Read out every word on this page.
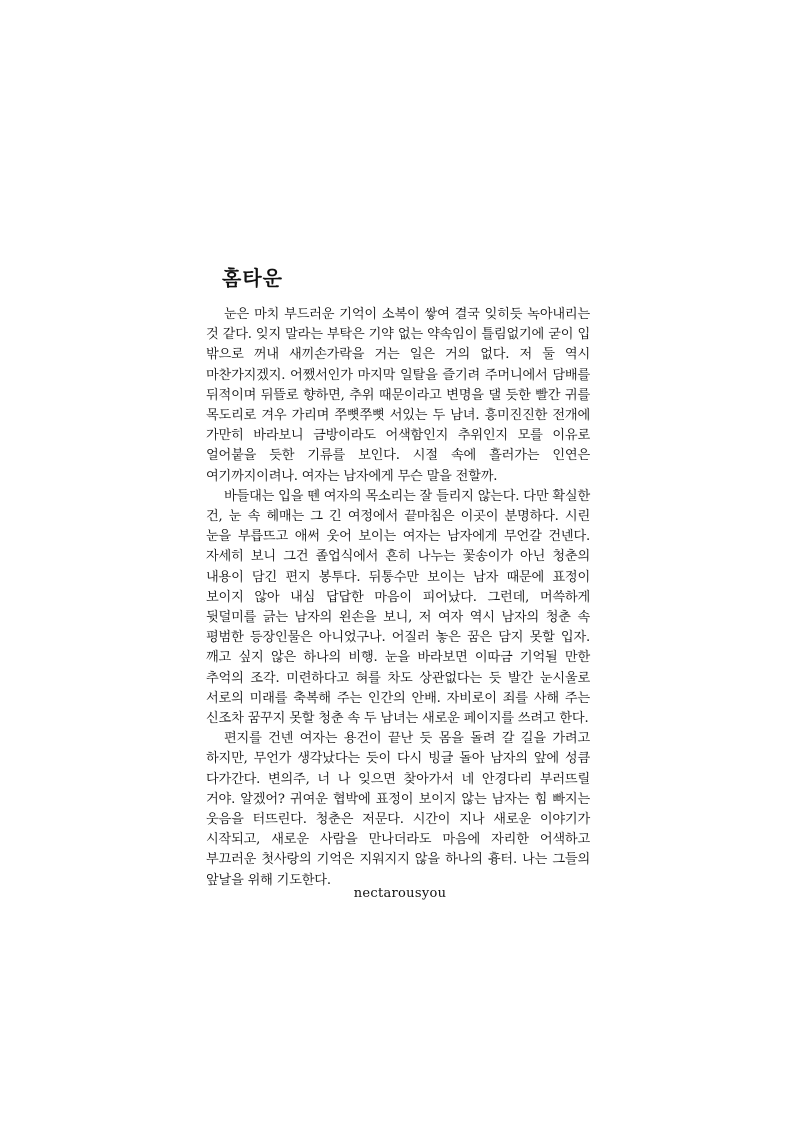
홈타운

눈은 마치 부드러운 기억이 소복이 쌓여 결국 잊히듯 녹아내리는 것 같다. 잊지 말라는 부탁은 기약 없는 약속임이 틀림없기에 굳이 입 밖으로 꺼내 새끼손가락을 거는 일은 거의 없다. 저 둘 역시 마찬가지겠지. 어쨌서인가 마지막 일탈을 즐기려 주머니에서 담배를 뒤적이며 뒤뜰로 향하면, 추위 때문이라고 변명을 댈 듯한 빨간 귀를 목도리로 겨우 가리며 쭈뼛쭈뼛 서있는 두 남녀. 흥미진진한 전개에 가만히 바라보니 금방이라도 어색함인지 추위인지 모를 이유로 얼어붙을 듯한 기류를 보인다. 시절 속에 흘러가는 인연은 여기까지이려나. 여자는 남자에게 무슨 말을 전할까.

바들대는 입을 뗀 여자의 목소리는 잘 들리지 않는다. 다만 확실한 건, 눈 속 헤매는 그 긴 여정에서 끝마침은 이곳이 분명하다. 시린 눈을 부릅뜨고 애써 웃어 보이는 여자는 남자에게 무언갈 건넨다. 자세히 보니 그건 졸업식에서 흔히 나누는 꽃송이가 아닌 청춘의 내용이 담긴 편지 봉투다. 뒤통수만 보이는 남자 때문에 표정이 보이지 않아 내심 답답한 마음이 피어났다. 그런데, 머쓱하게 뒷덜미를 긁는 남자의 왼손을 보니, 저 여자 역시 남자의 청춘 속 평범한 등장인물은 아니었구나. 어질러 놓은 꿈은 담지 못할 입자. 깨고 싶지 않은 하나의 비행. 눈을 바라보면 이따금 기억될 만한 추억의 조각. 미련하다고 혀를 차도 상관없다는 듯 발간 눈시울로 서로의 미래를 축복해 주는 인간의 안배. 자비로이 죄를 사해 주는 신조차 꿈꾸지 못할 청춘 속 두 남녀는 새로운 페이지를 쓰려고 한다.

편지를 건넨 여자는 용건이 끝난 듯 몸을 돌려 갈 길을 가려고 하지만, 무언가 생각났다는 듯이 다시 빙글 돌아 남자의 앞에 성큼 다가간다. 변의주, 너 나 잊으면 찾아가서 네 안경다리 부러뜨릴 거야. 알겠어? 귀여운 협박에 표정이 보이지 않는 남자는 힘 빠지는 웃음을 터뜨린다. 청춘은 저문다. 시간이 지나 새로운 이야기가 시작되고, 새로운 사람을 만나더라도 마음에 자리한 어색하고 부끄러운 첫사랑의 기억은 지워지지 않을 하나의 흉터. 나는 그들의 앞날을 위해 기도한다.

nectarousyou
